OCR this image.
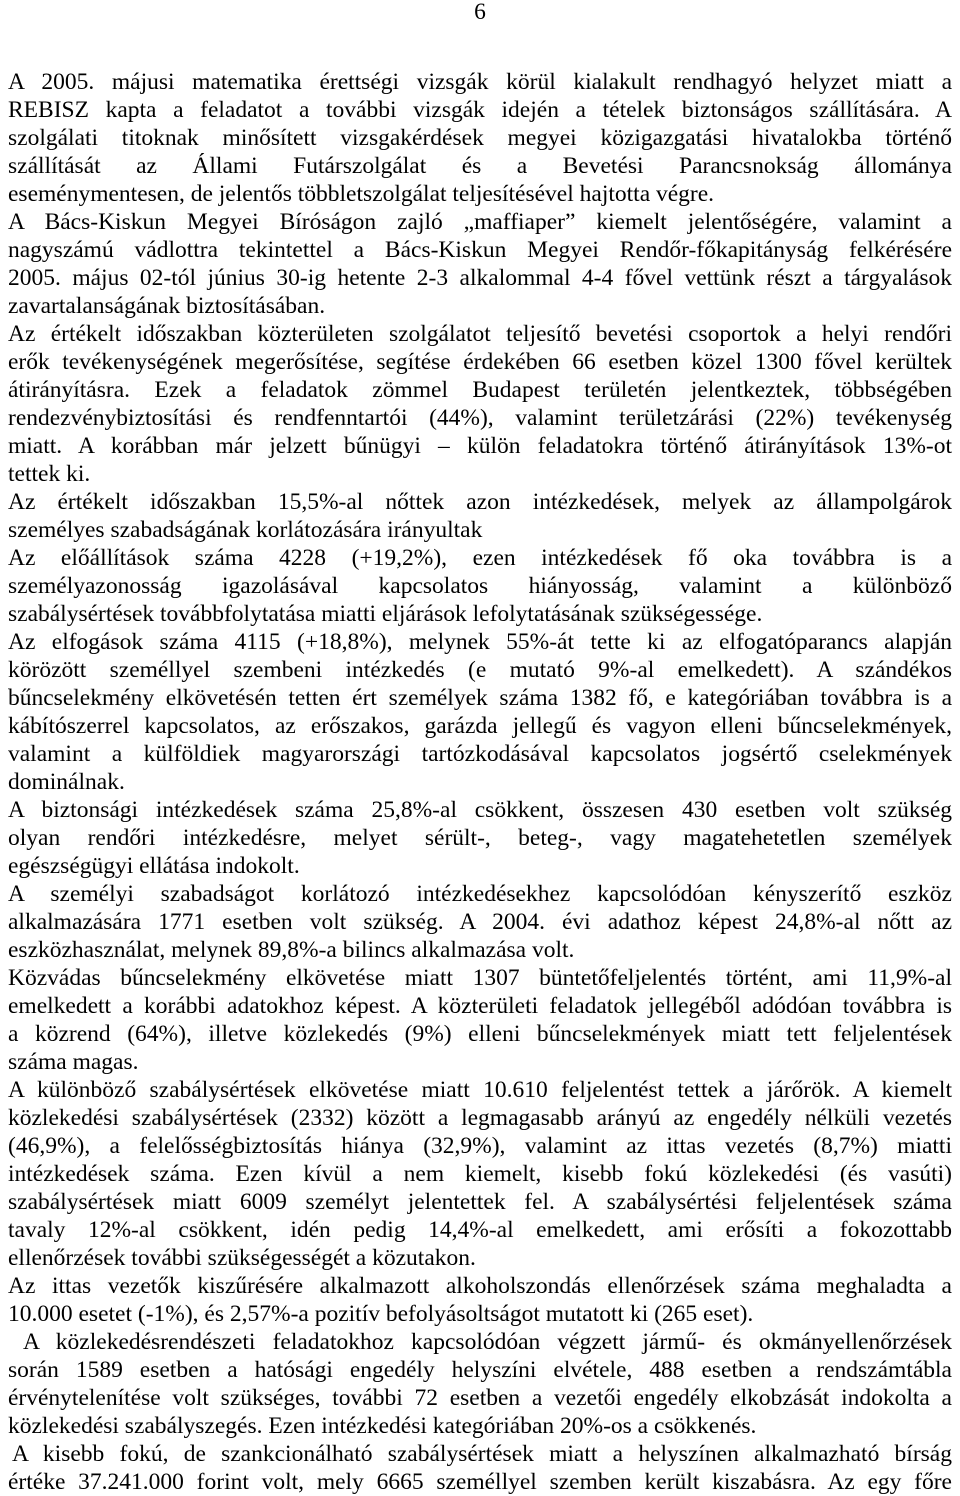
6
A 2005. májusi matematika érettségi vizsgák körül kialakult rendhagyó helyzet miatt a
REBISZ kapta a feladatot a további vizsgák idején a tételek biztonságos szállítására. A
szolgálati titoknak minősített vizsgakérdések megyei közigazgatási hivatalokba történő
szállítását az Állami Futárszolgálat és a Bevetési Parancsnokság állománya
eseménymentesen, de jelentős többletszolgálat teljesítésével hajtotta végre.
A Bács-Kiskun Megyei Bíróságon zajló „maffiaper” kiemelt jelentőségére, valamint a
nagyszámú vádlottra tekintettel a Bács-Kiskun Megyei Rendőr-főkapitányság felkérésére
2005. május 02-tól június 30-ig hetente 2-3 alkalommal 4-4 fővel vettünk részt a tárgyalások
zavartalanságának biztosításában.
Az értékelt időszakban közterületen szolgálatot teljesítő bevetési csoportok a helyi rendőri
erők tevékenységének megerősítése, segítése érdekében 66 esetben közel 1300 fővel kerültek
átirányításra. Ezek a feladatok zömmel Budapest területén jelentkeztek, többségében
rendezvénybiztosítási és rendfenntartói (44%), valamint területzárási (22%) tevékenység
miatt. A korábban már jelzett bűnügyi – külön feladatokra történő átirányítások 13%-ot
tettek ki.
Az értékelt időszakban 15,5%-al nőttek azon intézkedések, melyek az állampolgárok
személyes szabadságának korlátozására irányultak
Az előállítások száma 4228 (+19,2%), ezen intézkedések fő oka továbbra is a
személyazonosság igazolásával kapcsolatos hiányosság, valamint a különböző
szabálysértések továbbfolytatása miatti eljárások lefolytatásának szükségessége.
Az elfogások száma 4115 (+18,8%), melynek 55%-át tette ki az elfogatóparancs alapján
körözött személlyel szembeni intézkedés (e mutató 9%-al emelkedett). A szándékos
bűncselekmény elkövetésén tetten ért személyek száma 1382 fő, e kategóriában továbbra is a
kábítószerrel kapcsolatos, az erőszakos, garázda jellegű és vagyon elleni bűncselekmények,
valamint a külföldiek magyarországi tartózkodásával kapcsolatos jogsértő cselekmények
dominálnak.
A biztonsági intézkedések száma 25,8%-al csökkent, összesen 430 esetben volt szükség
olyan rendőri intézkedésre, melyet sérült-, beteg-, vagy magatehetetlen személyek
egészségügyi ellátása indokolt.
A személyi szabadságot korlátozó intézkedésekhez kapcsolódóan kényszerítő eszköz
alkalmazására 1771 esetben volt szükség. A 2004. évi adathoz képest 24,8%-al nőtt az
eszközhasználat, melynek 89,8%-a bilincs alkalmazása volt.
Közvádas bűncselekmény elkövetése miatt 1307 büntetőfeljelentés történt, ami 11,9%-al
emelkedett a korábbi adatokhoz képest. A közterületi feladatok jellegéből adódóan továbbra is
a közrend (64%), illetve közlekedés (9%) elleni bűncselekmények miatt tett feljelentések
száma magas.
A különböző szabálysértések elkövetése miatt 10.610 feljelentést tettek a járőrök. A kiemelt
közlekedési szabálysértések (2332) között a legmagasabb arányú az engedély nélküli vezetés
(46,9%), a felelősségbiztosítás hiánya (32,9%), valamint az ittas vezetés (8,7%) miatti
intézkedések száma. Ezen kívül a nem kiemelt, kisebb fokú közlekedési (és vasúti)
szabálysértések miatt 6009 személyt jelentettek fel. A szabálysértési feljelentések száma
tavaly 12%-al csökkent, idén pedig 14,4%-al emelkedett, ami erősíti a fokozottabb
ellenőrzések további szükségességét a közutakon.
Az ittas vezetők kiszűrésére alkalmazott alkoholszondás ellenőrzések száma meghaladta a
10.000 esetet (-1%), és 2,57%-a pozitív befolyásoltságot mutatott ki (265 eset).
A közlekedésrendészeti feladatokhoz kapcsolódóan végzett jármű- és okmányellenőrzések
során 1589 esetben a hatósági engedély helyszíni elvétele, 488 esetben a rendszámtábla
érvénytelenítése volt szükséges, további 72 esetben a vezetői engedély elkobzását indokolta a
közlekedési szabályszegés. Ezen intézkedési kategóriában 20%-os a csökkenés.
A kisebb fokú, de szankcionálható szabálysértések miatt a helyszínen alkalmazható bírság
értéke 37.241.000 forint volt, mely 6665 személlyel szemben került kiszabásra. Az egy főre
